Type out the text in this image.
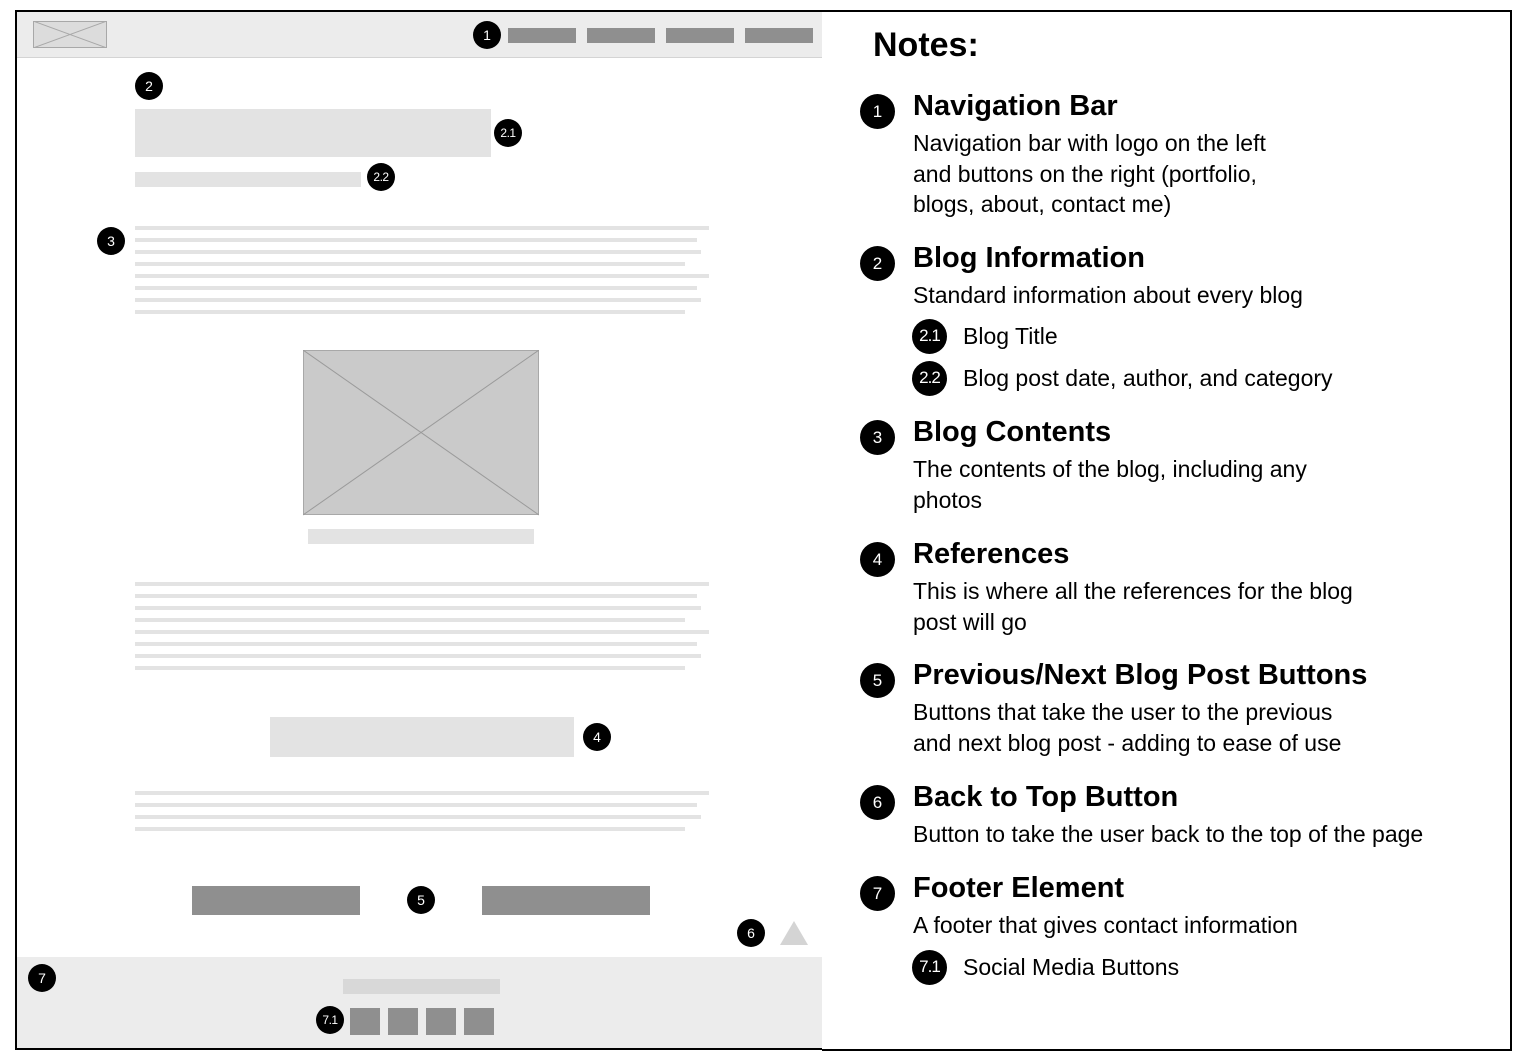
1
2
2.1
2.2
3
4
5
6
7
7.1
Notes:
1	Navigation Bar
Navigation bar with logo on the left
and buttons on the right (portfolio,
blogs, about, contact me)
2	Blog Information
Standard information about every blog
2.1	Blog Title
2.2	Blog post date, author, and category
3	Blog Contents
The contents of the blog, including any
photos
4	References
This is where all the references for the blog
post will go
5	Previous/Next Blog Post Buttons
Buttons that take the user to the previous
and next blog post - adding to ease of use
6	Back to Top Button
Button to take the user back to the top of the page
7	Footer Element
A footer that gives contact information
7.1	Social Media Buttons
